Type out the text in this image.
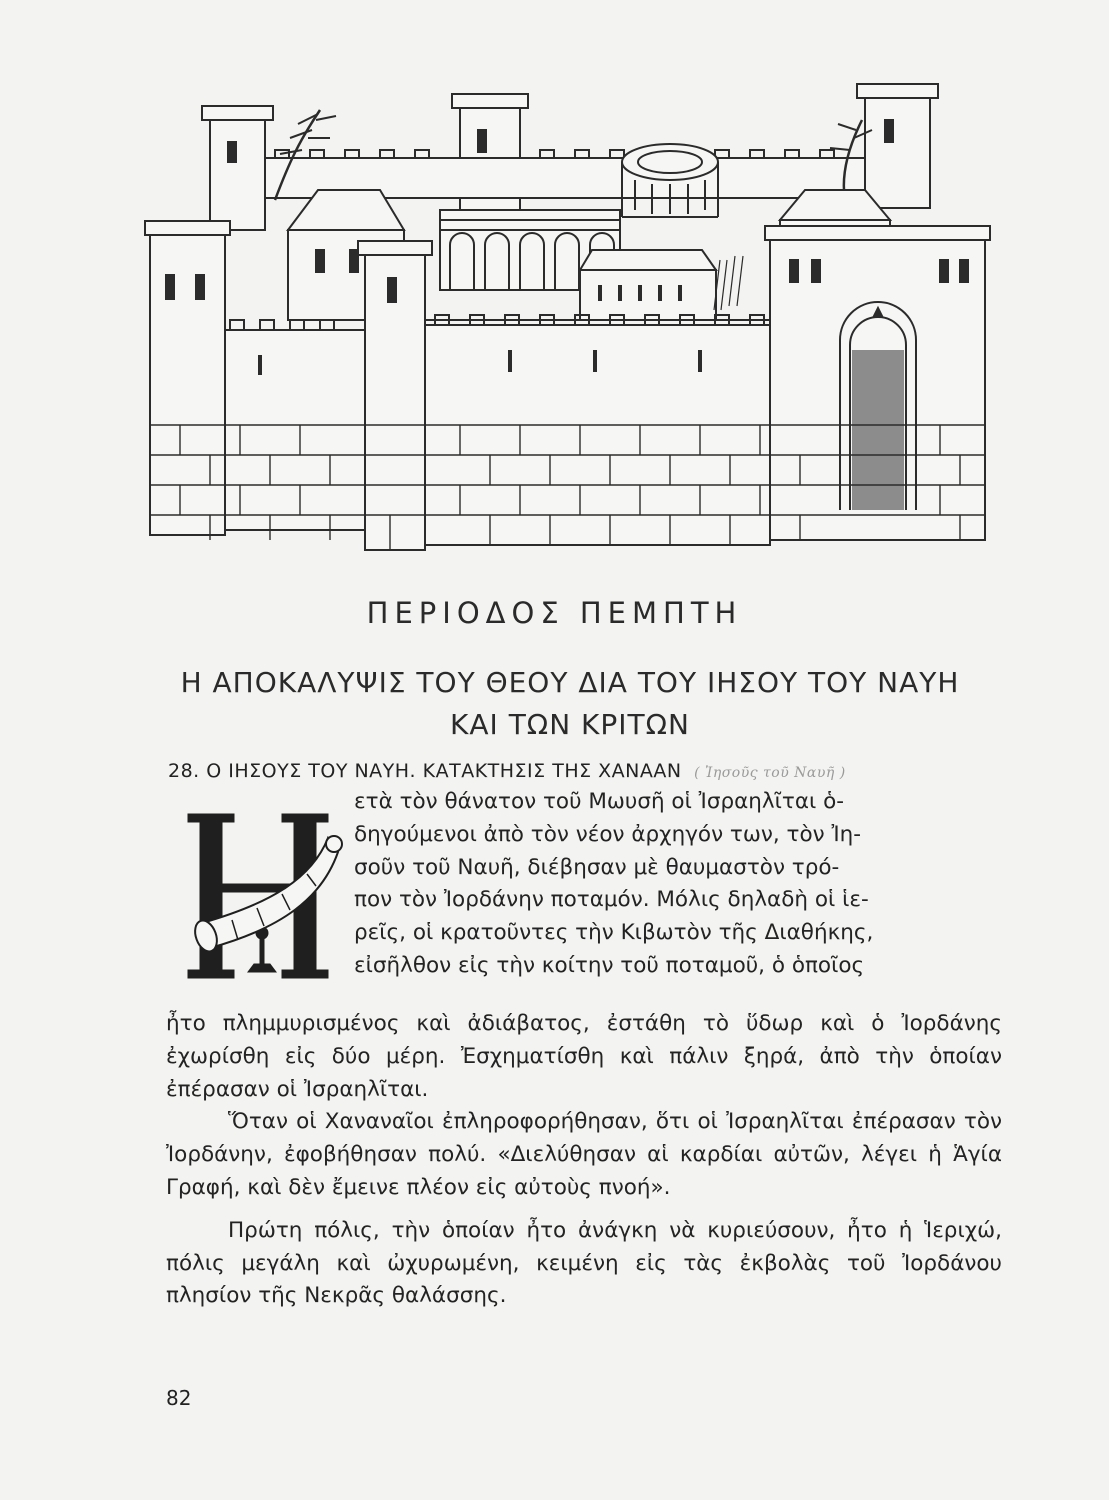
ΠΕΡΙΟΔΟΣ ΠΕΜΠΤΗ
Η ΑΠΟΚΑΛΥΨΙΣ ΤΟΥ ΘΕΟΥ ΔΙΑ ΤΟΥ ΙΗΣΟΥ ΤΟΥ ΝΑΥΗ
ΚΑΙ ΤΩΝ ΚΡΙΤΩΝ
28. Ο ΙΗΣΟΥΣ ΤΟΥ ΝΑΥΗ. ΚΑΤΑΚΤΗΣΙΣ ΤΗΣ ΧΑΝΑΑΝ ( Ἰησοῦς τοῦ Ναυῆ )

ετὰ τὸν θάνατον τοῦ Μωυσῆ οἱ Ἰσραηλῖται ὁ-

δηγούμενοι ἀπὸ τὸν νέον ἀρχηγόν των, τὸν Ἰη-

σοῦν τοῦ Ναυῆ, διέβησαν μὲ θαυμαστὸν τρό-

πον τὸν Ἰορδάνην ποταμόν. Μόλις δηλαδὴ οἱ ἱε-

ρεῖς, οἱ κρατοῦντες τὴν Κιβωτὸν τῆς Διαθήκης,

εἰσῆλθον εἰς τὴν κοίτην τοῦ ποταμοῦ, ὁ ὁποῖος

ἦτο πλημμυρισμένος καὶ ἀδιάβατος, ἐστάθη τὸ ὕδωρ καὶ ὁ Ἰορδάνης ἐχωρίσθη εἰς δύο μέρη. Ἐσχηματίσθη καὶ πάλιν ξηρά, ἀπὸ τὴν ὁποίαν ἐπέρασαν οἱ Ἰσραηλῖται.

Ὅταν οἱ Χαναναῖοι ἐπληροφορήθησαν, ὅτι οἱ Ἰσραηλῖται ἐπέρασαν τὸν Ἰορδάνην, ἐφοβήθησαν πολύ. «Διελύθησαν αἱ καρδίαι αὐτῶν, λέγει ἡ Ἁγία Γραφή, καὶ δὲν ἔμεινε πλέον εἰς αὐτοὺς πνοή».

Πρώτη πόλις, τὴν ὁποίαν ἦτο ἀνάγκη νὰ κυριεύσουν, ἦτο ἡ Ἱεριχώ, πόλις μεγάλη καὶ ὠχυρωμένη, κειμένη εἰς τὰς ἐκβολὰς τοῦ Ἰορδάνου πλησίον τῆς Νεκρᾶς θαλάσσης.

82
